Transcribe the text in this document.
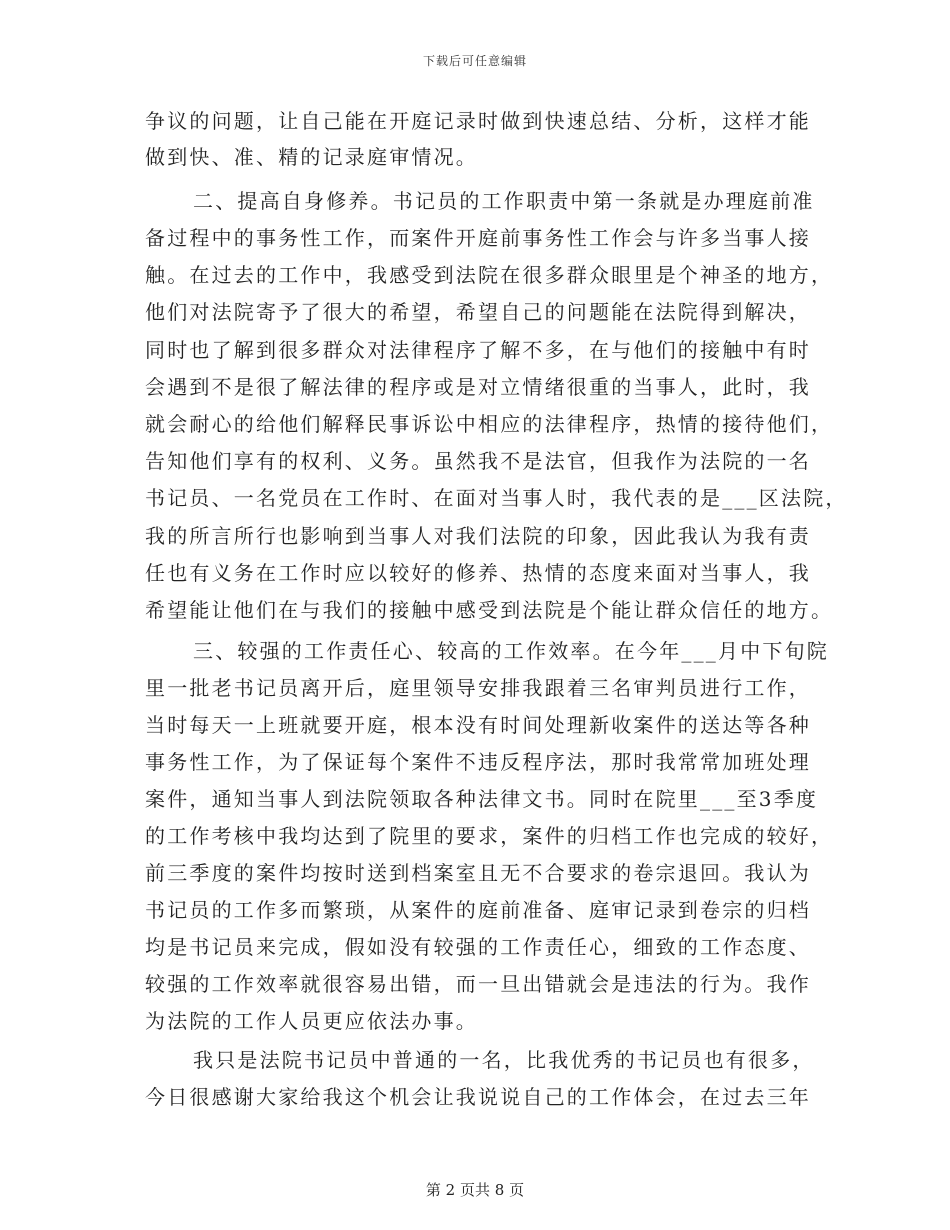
下载后可任意编辑
争议的问题，让自己能在开庭记录时做到快速总结、分析，这样才能
做到快、准、精的记录庭审情况。
二、提高自身修养。书记员的工作职责中第一条就是办理庭前准
备过程中的事务性工作，而案件开庭前事务性工作会与许多当事人接
触。在过去的工作中，我感受到法院在很多群众眼里是个神圣的地方，
他们对法院寄予了很大的希望，希望自己的问题能在法院得到解决，
同时也了解到很多群众对法律程序了解不多，在与他们的接触中有时
会遇到不是很了解法律的程序或是对立情绪很重的当事人，此时，我
就会耐心的给他们解释民事诉讼中相应的法律程序，热情的接待他们，
告知他们享有的权利、义务。虽然我不是法官，但我作为法院的一名
书记员、一名党员在工作时、在面对当事人时，我代表的是___区法院，
我的所言所行也影响到当事人对我们法院的印象，因此我认为我有责
任也有义务在工作时应以较好的修养、热情的态度来面对当事人，我
希望能让他们在与我们的接触中感受到法院是个能让群众信任的地方。
三、较强的工作责任心、较高的工作效率。在今年___月中下旬院
里一批老书记员离开后，庭里领导安排我跟着三名审判员进行工作，
当时每天一上班就要开庭，根本没有时间处理新收案件的送达等各种
事务性工作，为了保证每个案件不违反程序法，那时我常常加班处理
案件，通知当事人到法院领取各种法律文书。同时在院里___至3季度
的工作考核中我均达到了院里的要求，案件的归档工作也完成的较好，
前三季度的案件均按时送到档案室且无不合要求的卷宗退回。我认为
书记员的工作多而繁琐，从案件的庭前准备、庭审记录到卷宗的归档
均是书记员来完成，假如没有较强的工作责任心，细致的工作态度、
较强的工作效率就很容易出错，而一旦出错就会是违法的行为。我作
为法院的工作人员更应依法办事。
我只是法院书记员中普通的一名，比我优秀的书记员也有很多，
今日很感谢大家给我这个机会让我说说自己的工作体会，在过去三年
第 2 页共 8 页
